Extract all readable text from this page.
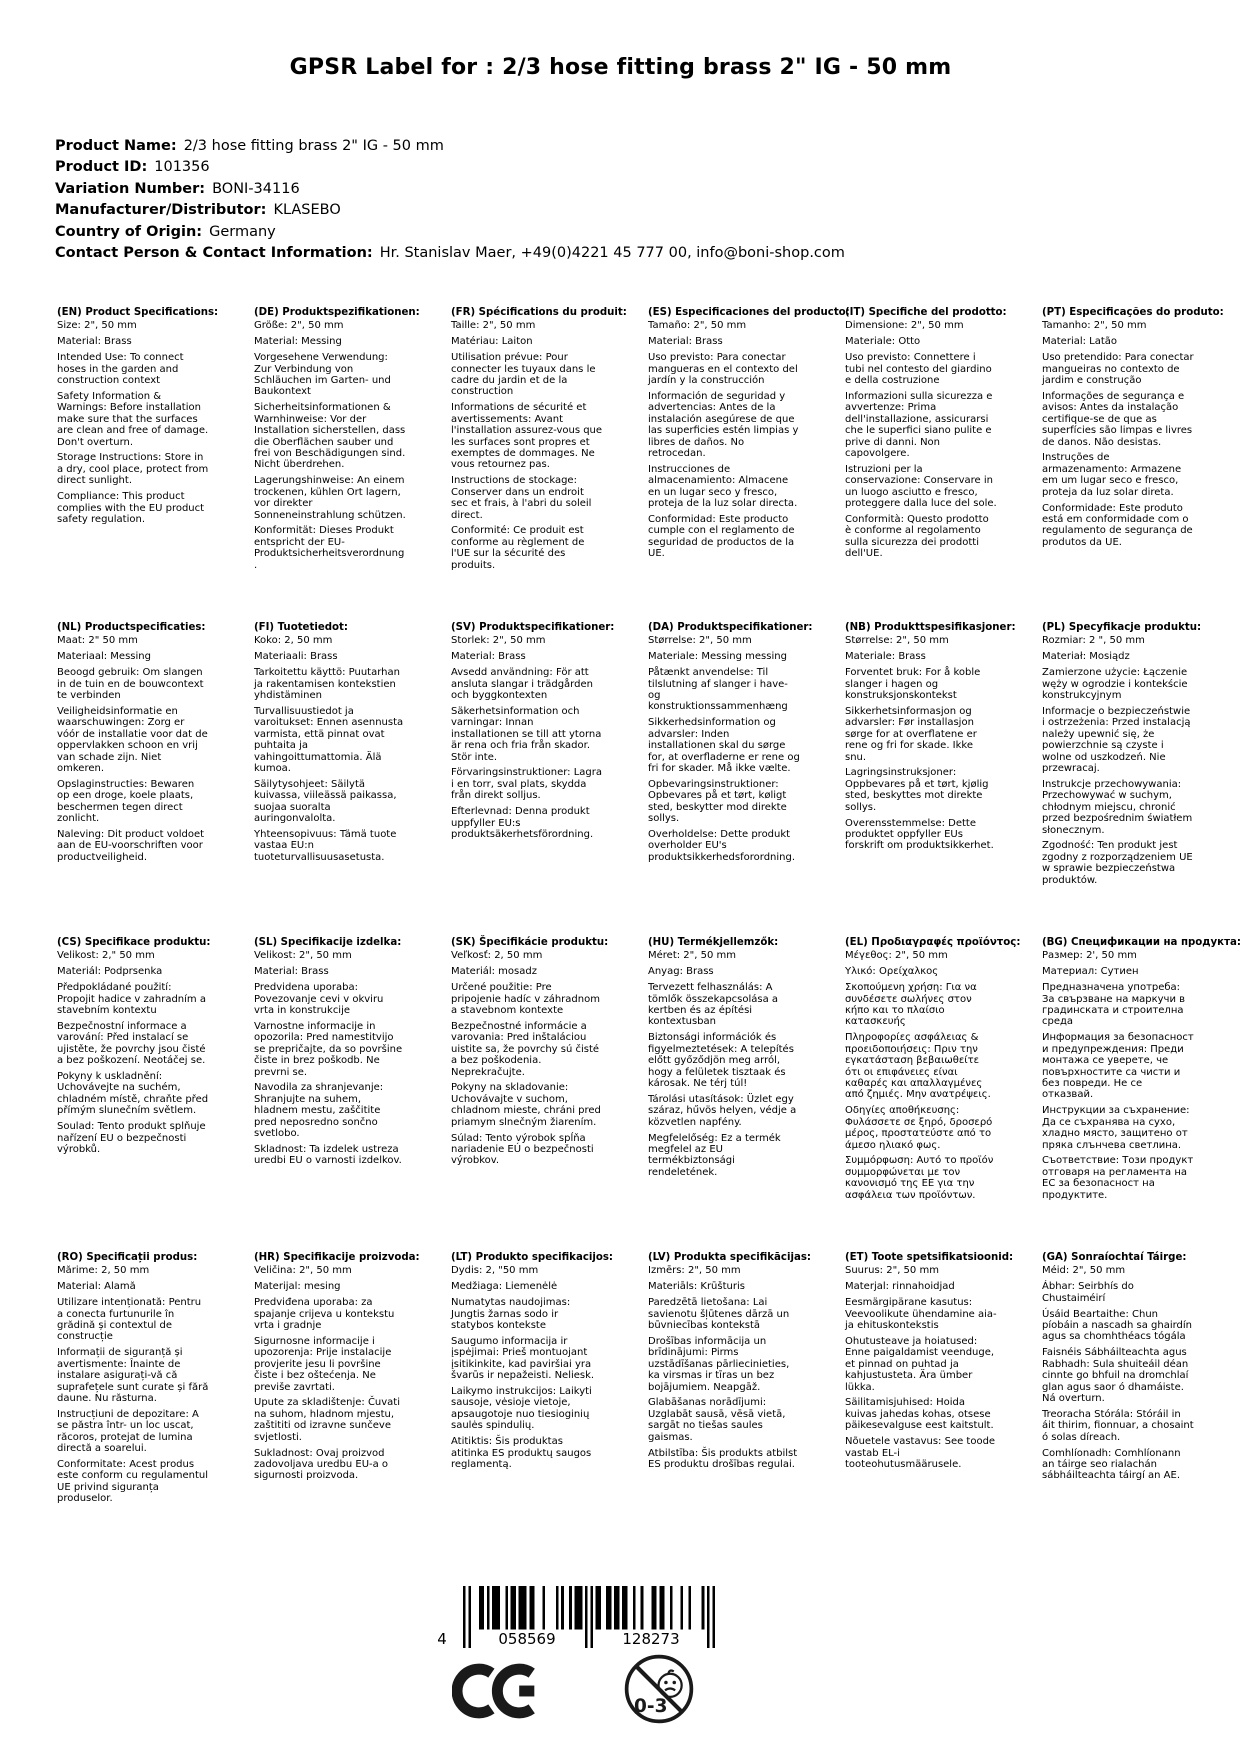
GPSR Label for : 2/3 hose fitting brass 2" IG - 50 mm
Product Name: 2/3 hose fitting brass 2" IG - 50 mm
Product ID: 101356
Variation Number: BONI-34116
Manufacturer/Distributor: KLASEBO
Country of Origin: Germany
Contact Person & Contact Information: Hr. Stanislav Maer, +49(0)4221 45 777 00, info@boni-shop.com
(EN) Product Specifications:

Size: 2", 50 mm

Material: Brass

Intended Use: To connect hoses in the garden and construction context

Safety Information & Warnings: Before installation make sure that the surfaces are clean and free of damage. Don't overturn.

Storage Instructions: Store in a dry, cool place, protect from direct sunlight.

Compliance: This product complies with the EU product safety regulation.

(DE) Produktspezifikationen:

Größe: 2", 50 mm

Material: Messing

Vorgesehene Verwendung: Zur Verbindung von Schläuchen im Garten- und Baukontext

Sicherheitsinformationen & Warnhinweise: Vor der Installation sicherstellen, dass die Oberflächen sauber und frei von Beschädigungen sind. Nicht überdrehen.

Lagerungshinweise: An einem trockenen, kühlen Ort lagern, vor direkter Sonneneinstrahlung schützen.

Konformität: Dieses Produkt entspricht der EU-Produktsicherheitsverordnung.

(FR) Spécifications du produit:

Taille: 2", 50 mm

Matériau: Laiton

Utilisation prévue: Pour connecter les tuyaux dans le cadre du jardin et de la construction

Informations de sécurité et avertissements: Avant l'installation assurez-vous que les surfaces sont propres et exemptes de dommages. Ne vous retournez pas.

Instructions de stockage: Conserver dans un endroit sec et frais, à l'abri du soleil direct.

Conformité: Ce produit est conforme au règlement de l'UE sur la sécurité des produits.

(ES) Especificaciones del producto:

Tamaño: 2", 50 mm

Material: Brass

Uso previsto: Para conectar mangueras en el contexto del jardín y la construcción

Información de seguridad y advertencias: Antes de la instalación asegúrese de que las superficies estén limpias y libres de daños. No retrocedan.

Instrucciones de almacenamiento: Almacene en un lugar seco y fresco, proteja de la luz solar directa.

Conformidad: Este producto cumple con el reglamento de seguridad de productos de la UE.

(IT) Specifiche del prodotto:

Dimensione: 2", 50 mm

Materiale: Otto

Uso previsto: Connettere i tubi nel contesto del giardino e della costruzione

Informazioni sulla sicurezza e avvertenze: Prima dell'installazione, assicurarsi che le superfici siano pulite e prive di danni. Non capovolgere.

Istruzioni per la conservazione: Conservare in un luogo asciutto e fresco, proteggere dalla luce del sole.

Conformità: Questo prodotto è conforme al regolamento sulla sicurezza dei prodotti dell'UE.

(PT) Especificações do produto:

Tamanho: 2", 50 mm

Material: Latão

Uso pretendido: Para conectar mangueiras no contexto de jardim e construção

Informações de segurança e avisos: Antes da instalação certifique-se de que as superfícies são limpas e livres de danos. Não desistas.

Instruções de armazenamento: Armazene em um lugar seco e fresco, proteja da luz solar direta.

Conformidade: Este produto está em conformidade com o regulamento de segurança de produtos da UE.

(NL) Productspecificaties:

Maat: 2" 50 mm

Materiaal: Messing

Beoogd gebruik: Om slangen in de tuin en de bouwcontext te verbinden

Veiligheidsinformatie en waarschuwingen: Zorg er vóór de installatie voor dat de oppervlakken schoon en vrij van schade zijn. Niet omkeren.

Opslaginstructies: Bewaren op een droge, koele plaats, beschermen tegen direct zonlicht.

Naleving: Dit product voldoet aan de EU-voorschriften voor productveiligheid.

(FI) Tuotetiedot:

Koko: 2, 50 mm

Materiaali: Brass

Tarkoitettu käyttö: Puutarhan ja rakentamisen kontekstien yhdistäminen

Turvallisuustiedot ja varoitukset: Ennen asennusta varmista, että pinnat ovat puhtaita ja vahingoittumattomia. Älä kumoa.

Säilytysohjeet: Säilytä kuivassa, viileässä paikassa, suojaa suoralta auringonvalolta.

Yhteensopivuus: Tämä tuote vastaa EU:n tuoteturvallisuusasetusta.

(SV) Produktspecifikationer:

Storlek: 2", 50 mm

Material: Brass

Avsedd användning: För att ansluta slangar i trädgården och byggkontexten

Säkerhetsinformation och varningar: Innan installationen se till att ytorna är rena och fria från skador. Stör inte.

Förvaringsinstruktioner: Lagra i en torr, sval plats, skydda från direkt solljus.

Efterlevnad: Denna produkt uppfyller EU:s produktsäkerhetsförordning.

(DA) Produktspecifikationer:

Størrelse: 2", 50 mm

Materiale: Messing messing

Påtænkt anvendelse: Til tilslutning af slanger i have- og konstruktionssammenhæng

Sikkerhedsinformation og advarsler: Inden installationen skal du sørge for, at overfladerne er rene og fri for skader. Må ikke vælte.

Opbevaringsinstruktioner: Opbevares på et tørt, køligt sted, beskytter mod direkte sollys.

Overholdelse: Dette produkt overholder EU's produktsikkerhedsforordning.

(NB) Produkttspesifikasjoner:

Størrelse: 2", 50 mm

Materiale: Brass

Forventet bruk: For å koble slanger i hagen og konstruksjonskontekst

Sikkerhetsinformasjon og advarsler: Før installasjon sørge for at overflatene er rene og fri for skade. Ikke snu.

Lagringsinstruksjoner: Oppbevares på et tørt, kjølig sted, beskyttes mot direkte sollys.

Overensstemmelse: Dette produktet oppfyller EUs forskrift om produktsikkerhet.

(PL) Specyfikacje produktu:

Rozmiar: 2 ", 50 mm

Materiał: Mosiądz

Zamierzone użycie: Łączenie węży w ogrodzie i kontekście konstrukcyjnym

Informacje o bezpieczeństwie i ostrzeżenia: Przed instalacją należy upewnić się, że powierzchnie są czyste i wolne od uszkodzeń. Nie przewracaj.

Instrukcje przechowywania: Przechowywać w suchym, chłodnym miejscu, chronić przed bezpośrednim światłem słonecznym.

Zgodność: Ten produkt jest zgodny z rozporządzeniem UE w sprawie bezpieczeństwa produktów.

(CS) Specifikace produktu:

Velikost: 2," 50 mm

Materiál: Podprsenka

Předpokládané použití: Propojit hadice v zahradním a stavebním kontextu

Bezpečnostní informace a varování: Před instalací se ujistěte, že povrchy jsou čisté a bez poškození. Neotáčej se.

Pokyny k uskladnění: Uchovávejte na suchém, chladném místě, chraňte před přímým slunečním světlem.

Soulad: Tento produkt splňuje nařízení EU o bezpečnosti výrobků.

(SL) Specifikacije izdelka:

Velikost: 2", 50 mm

Material: Brass

Predvidena uporaba: Povezovanje cevi v okviru vrta in konstrukcije

Varnostne informacije in opozorila: Pred namestitvijo se prepričajte, da so površine čiste in brez poškodb. Ne prevrni se.

Navodila za shranjevanje: Shranjujte na suhem, hladnem mestu, zaščitite pred neposredno sončno svetlobo.

Skladnost: Ta izdelek ustreza uredbi EU o varnosti izdelkov.

(SK) Špecifikácie produktu:

Veľkosť: 2, 50 mm

Materiál: mosadz

Určené použitie: Pre pripojenie hadíc v záhradnom a stavebnom kontexte

Bezpečnostné informácie a varovania: Pred inštaláciou uistite sa, že povrchy sú čisté a bez poškodenia. Neprekračujte.

Pokyny na skladovanie: Uchovávajte v suchom, chladnom mieste, chráni pred priamym slnečným žiarením.

Súlad: Tento výrobok spĺňa nariadenie EÚ o bezpečnosti výrobkov.

(HU) Termékjellemzők:

Méret: 2", 50 mm

Anyag: Brass

Tervezett felhasználás: A tömlők összekapcsolása a kertben és az építési kontextusban

Biztonsági információk és figyelmeztetések: A telepítés előtt győződjön meg arról, hogy a felületek tisztaak és károsak. Ne térj túl!

Tárolási utasítások: Üzlet egy száraz, hűvös helyen, védje a közvetlen napfény.

Megfelelőség: Ez a termék megfelel az EU termékbiztonsági rendeletének.

(EL) Προδιαγραφές προϊόντος:

Μέγεθος: 2", 50 mm

Υλικό: Ορείχαλκος

Σκοπούμενη χρήση: Για να συνδέσετε σωλήνες στον κήπο και το πλαίσιο κατασκευής

Πληροφορίες ασφάλειας & προειδοποιήσεις: Πριν την εγκατάσταση βεβαιωθείτε ότι οι επιφάνειες είναι καθαρές και απαλλαγμένες από ζημιές. Μην ανατρέψεις.

Οδηγίες αποθήκευσης: Φυλάσσετε σε ξηρό, δροσερό μέρος, προστατεύστε από το άμεσο ηλιακό φως.

Συμμόρφωση: Αυτό το προϊόν συμμορφώνεται με τον κανονισμό της ΕΕ για την ασφάλεια των προϊόντων.

(BG) Спецификации на продукта:

Размер: 2', 50 mm

Материал: Сутиен

Предназначена употреба: За свързване на маркучи в градинската и строителна среда

Информация за безопасност и предупреждения: Преди монтажа се уверете, че повърхностите са чисти и без повреди. Не се отказвай.

Инструкции за съхранение: Да се съхранява на сухо, хладно място, защитено от пряка слънчева светлина.

Съответствие: Този продукт отговаря на регламента на ЕС за безопасност на продуктите.

(RO) Specificații produs:

Mărime: 2, 50 mm

Material: Alamă

Utilizare intenționată: Pentru a conecta furtunurile în grădină și contextul de construcție

Informații de siguranță și avertismente: Înainte de instalare asigurați-vă că suprafețele sunt curate și fără daune. Nu răsturna.

Instrucțiuni de depozitare: A se păstra într- un loc uscat, răcoros, protejat de lumina directă a soarelui.

Conformitate: Acest produs este conform cu regulamentul UE privind siguranța produselor.

(HR) Specifikacije proizvoda:

Veličina: 2", 50 mm

Materijal: mesing

Predviđena uporaba: za spajanje crijeva u kontekstu vrta i gradnje

Sigurnosne informacije i upozorenja: Prije instalacije provjerite jesu li površine čiste i bez oštećenja. Ne previše zavrtati.

Upute za skladištenje: Čuvati na suhom, hladnom mjestu, zaštititi od izravne sunčeve svjetlosti.

Sukladnost: Ovaj proizvod zadovoljava uredbu EU-a o sigurnosti proizvoda.

(LT) Produkto specifikacijos:

Dydis: 2, "50 mm

Medžiaga: Liemenėlė

Numatytas naudojimas: Jungtis žarnas sodo ir statybos kontekste

Saugumo informacija ir įspėjimai: Prieš montuojant įsitikinkite, kad paviršiai yra švarūs ir nepažeisti. Neliesk.

Laikymo instrukcijos: Laikyti sausoje, vėsioje vietoje, apsaugotoje nuo tiesioginių saulės spindulių.

Atitiktis: Šis produktas atitinka ES produktų saugos reglamentą.

(LV) Produkta specifikācijas:

Izmērs: 2", 50 mm

Materiāls: Krūšturis

Paredzētā lietošana: Lai savienotu šļūtenes dārzā un būvniecības kontekstā

Drošības informācija un brīdinājumi: Pirms uzstādīšanas pārliecinieties, ka virsmas ir tīras un bez bojājumiem. Neapgāž.

Glabāšanas norādījumi: Uzglabāt sausā, vēsā vietā, sargāt no tiešas saules gaismas.

Atbilstība: Šis produkts atbilst ES produktu drošības regulai.

(ET) Toote spetsifikatsioonid:

Suurus: 2", 50 mm

Materjal: rinnahoidjad

Eesmärgipärane kasutus: Veevoolikute ühendamine aia- ja ehituskontekstis

Ohutusteave ja hoiatused: Enne paigaldamist veenduge, et pinnad on puhtad ja kahjustusteta. Ära ümber lükka.

Säilitamisjuhised: Hoida kuivas jahedas kohas, otsese päikesevalguse eest kaitstult.

Nõuetele vastavus: See toode vastab EL-i tooteohutusmäärusele.

(GA) Sonraíochtaí Táirge:

Méid: 2", 50 mm

Ábhar: Seirbhís do Chustaiméirí

Úsáid Beartaithe: Chun píobáin a nascadh sa ghairdín agus sa chomhthéacs tógála

Faisnéis Sábháilteachta agus Rabhadh: Sula shuiteáil déan cinnte go bhfuil na dromchlaí glan agus saor ó dhamáiste. Ná overturn.

Treoracha Stórála: Stóráil in áit thirim, fionnuar, a chosaint ó solas díreach.

Comhlíonadh: Comhlíonann an táirge seo rialachán sábháilteachta táirgí an AE.

4	058569	128273
0-3
